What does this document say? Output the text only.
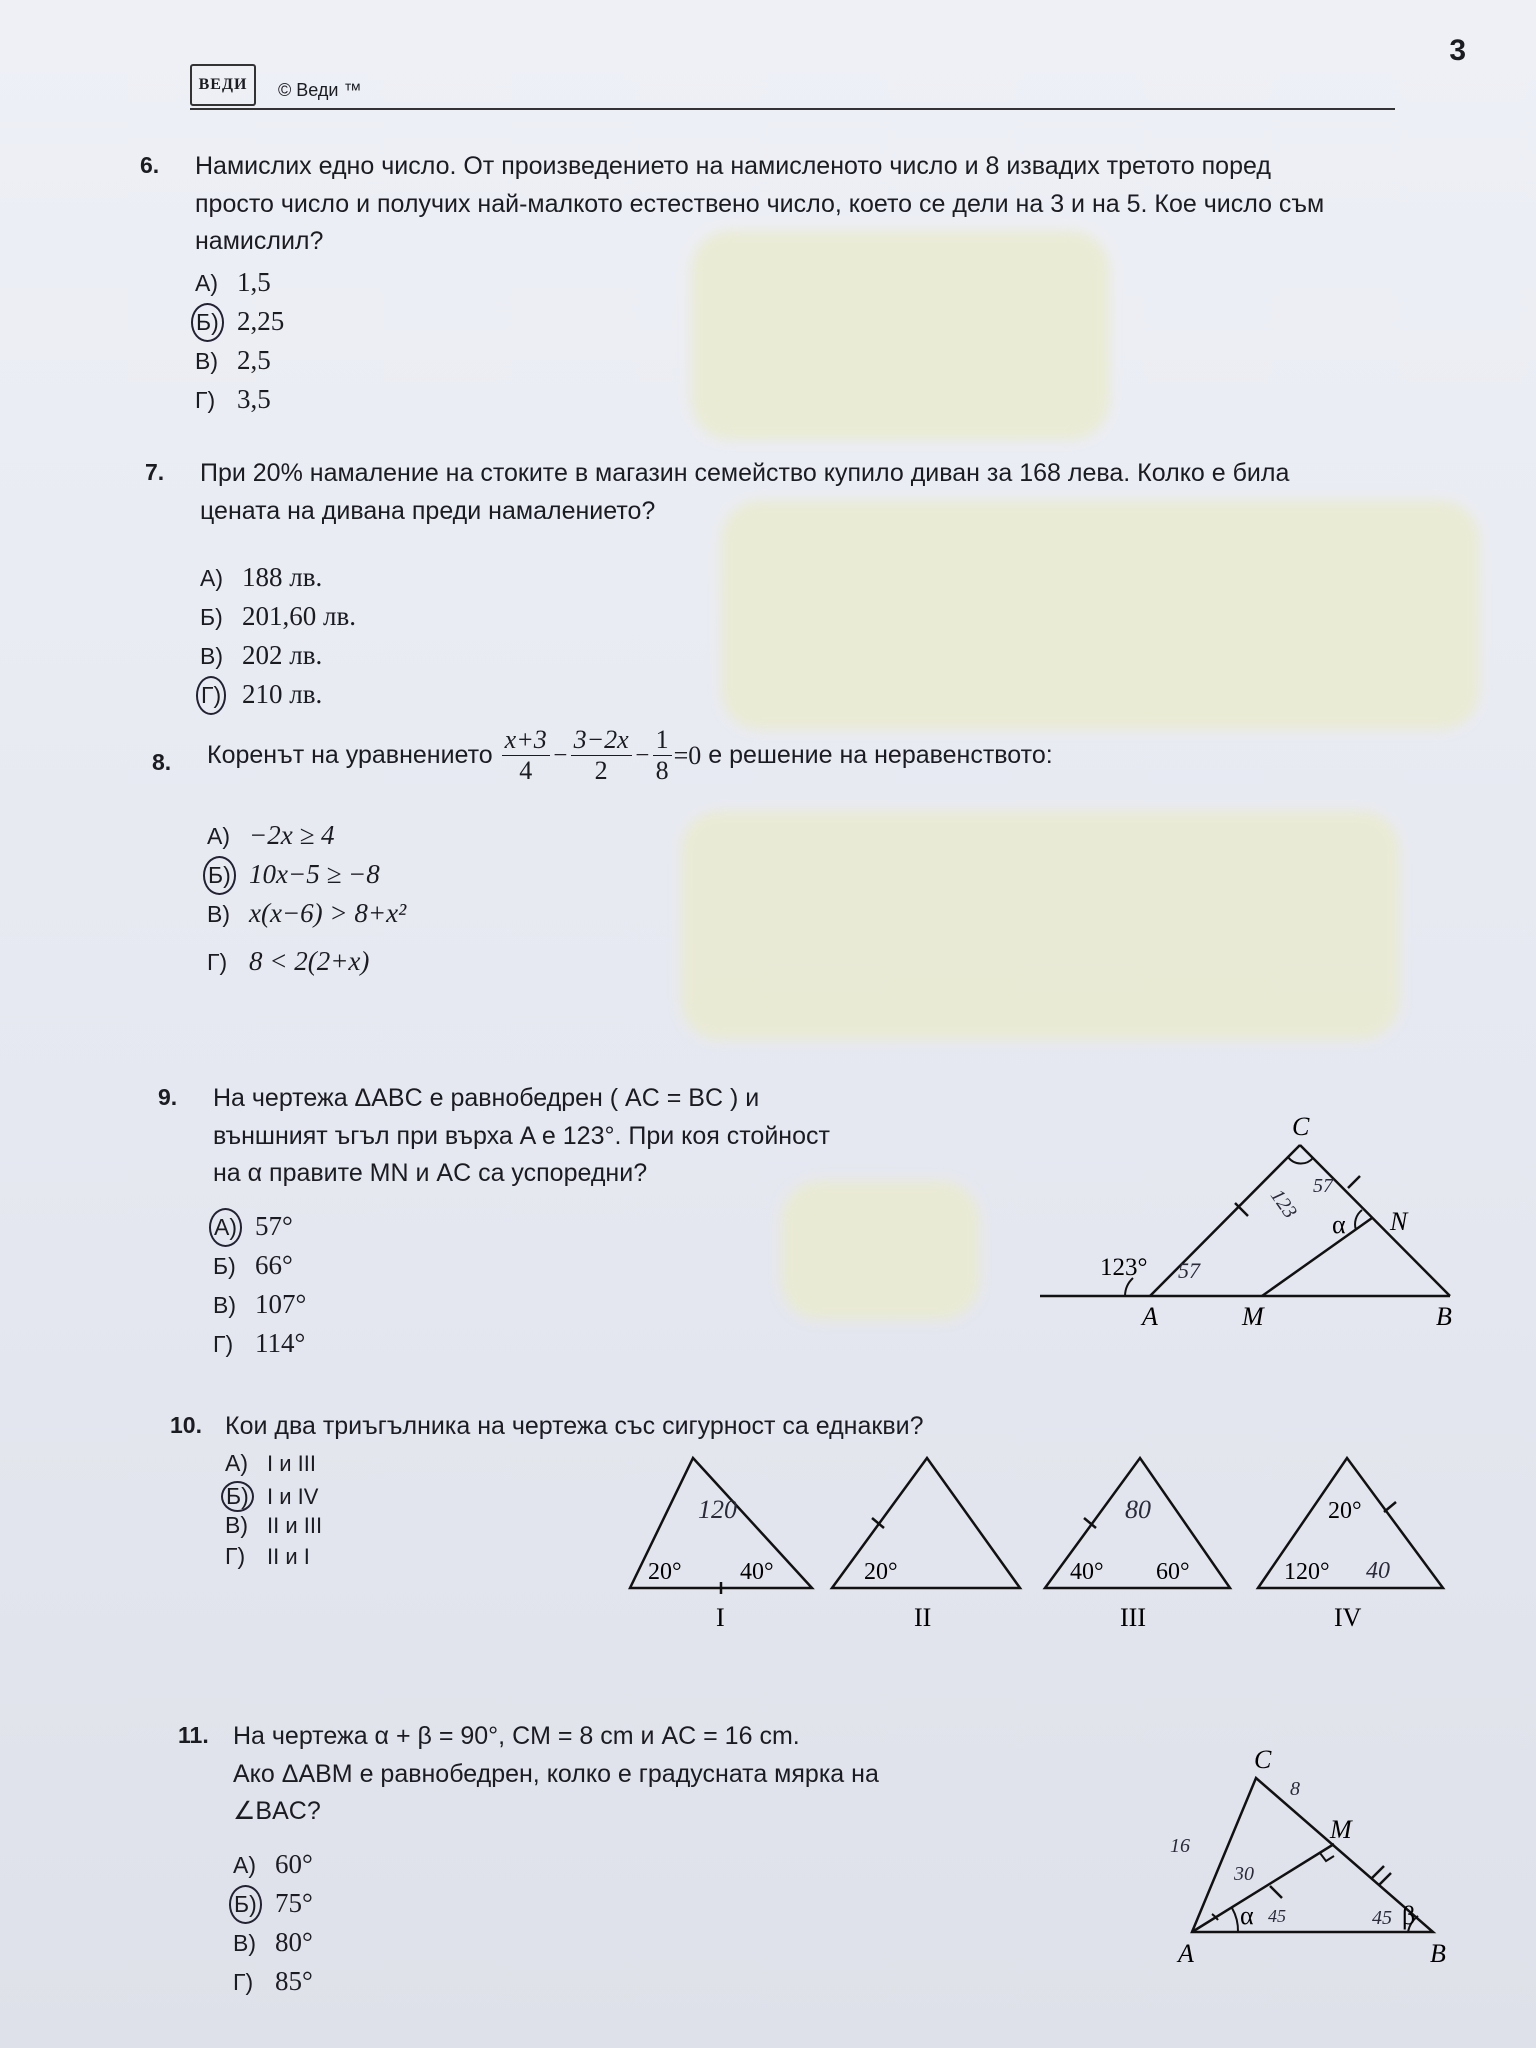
3
ВЕДИ	© Веди ™
6. Намислих едно число. От произведението на намисленото число и 8 извадих третото поред
просто число и получих най-малкото естествено число, което се дели на 3 и на 5. Кое число съм
намислил?
А) 1,5
Б) 2,25
В) 2,5
Г) 3,5
7. При 20% намаление на стоките в магазин семейство купило диван за 168 лева. Колко е била
цената на дивана преди намалението?
А) 188 лв.
Б) 201,60 лв.
В) 202 лв.
Г) 210 лв.
8. Коренът на уравнението
$\frac{x+3}{4} - \frac{3-2x}{2} - \frac{1}{8} =0$
е решение на неравенството:
А) −2x ≥ 4
Б) 10x−5 ≥ −8
В) x(x−6) > 8+x²
Г) 8 < 2(2+x)
9. На чертежа ΔABC е равнобедрен ( AC = BC ) и
външният ъгъл при върха A е 123°. При коя стойност
на α правите MN и AC са успоредни?
А) 57°
Б) 66°
В) 107°
Г) 114°
C
N
A	M	B
123°
α
123 57
57
10. Кои два триъгълника на чертежа със сигурност са еднакви?
А) I и III
Б) I и IV
В) II и III
Г) II и I
20° 40°
120
I
20°
II
40° 60°
80
III
20°
120° 40
IV
11. На чертежа α + β = 90°, CM = 8 cm и AC = 16 cm.
Ако ΔABM е равнобедрен, колко е градусната мярка на
∠BAC?
А) 60°
Б) 75°
В) 80°
Г) 85°
C
M
A	B
α	β
8
16
30
45	45
